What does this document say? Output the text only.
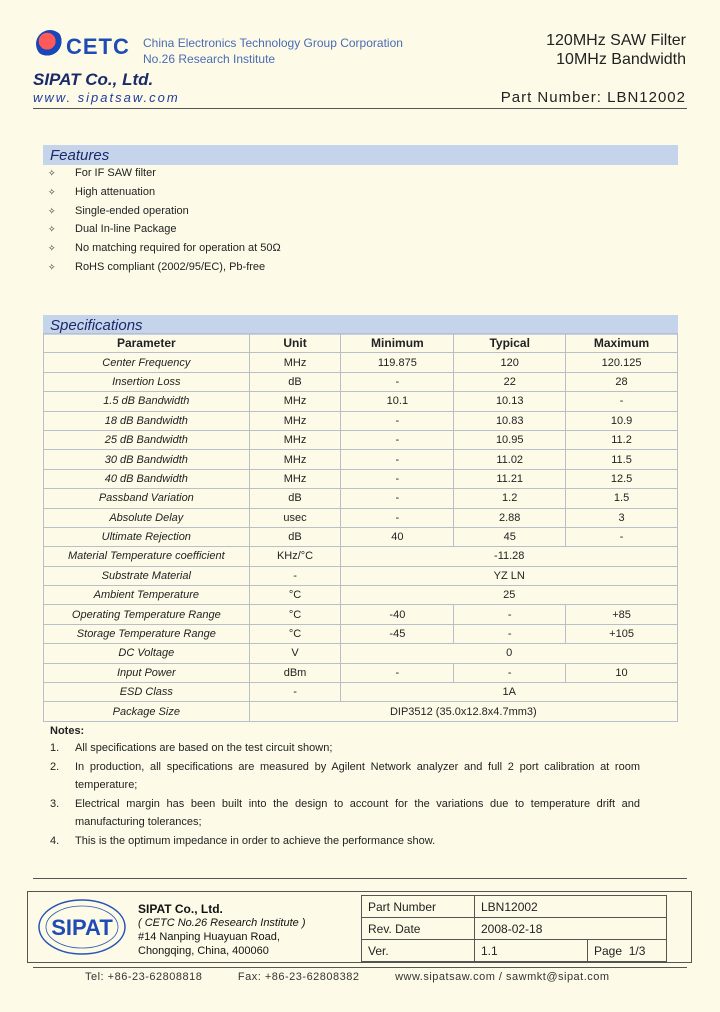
CETC China Electronics Technology Group Corporation
No.26 Research Institute
SIPAT Co., Ltd.
www. sipatsaw.com
120MHz SAW Filter
10MHz Bandwidth
Part Number: LBN12002
Features
✧ For IF SAW filter
✧ High attenuation
✧ Single-ended operation
✧ Dual In-line Package
✧ No matching required for operation at 50Ω
✧ RoHS compliant (2002/95/EC), Pb-free
Specifications
Parameter	Unit	Minimum	Typical	Maximum
Center Frequency	MHz	119.875	120	120.125
Insertion Loss	dB	-	22	28
1.5 dB Bandwidth	MHz	10.1	10.13	-
18 dB Bandwidth	MHz	-	10.83	10.9
25 dB Bandwidth	MHz	-	10.95	11.2
30 dB Bandwidth	MHz	-	11.02	11.5
40 dB Bandwidth	MHz	-	11.21	12.5
Passband Variation	dB	-	1.2	1.5
Absolute Delay	usec	-	2.88	3
Ultimate Rejection	dB	40	45	-
Material Temperature coefficient	KHz/°C	-11.28		
Substrate Material	-	YZ LN		
Ambient Temperature	°C	25		
Operating Temperature Range	°C	-40	-	+85
Storage Temperature Range	°C	-45	-	+105
DC Voltage	V	0		
Input Power	dBm	-	-	10
ESD Class	-	1A		
Package Size	DIP3512 (35.0x12.8x4.7mm3)			
Notes:
1. All specifications are based on the test circuit shown;
2. In production, all specifications are measured by Agilent Network analyzer and full 2 port calibration at room temperature;
3. Electrical margin has been built into the design to account for the variations due to temperature drift and manufacturing tolerances;
4. This is the optimum impedance in order to achieve the performance show.
SIPAT
SIPAT Co., Ltd.
( CETC No.26 Research Institute )
#14 Nanping Huayuan Road,
Chongqing, China, 400060
Part Number	LBN12002	
Rev. Date	2008-02-18	
Ver.	1.1	Page 1/3
Tel: +86-23-62808818          Fax: +86-23-62808382          www.sipatsaw.com / sawmkt@sipat.com
